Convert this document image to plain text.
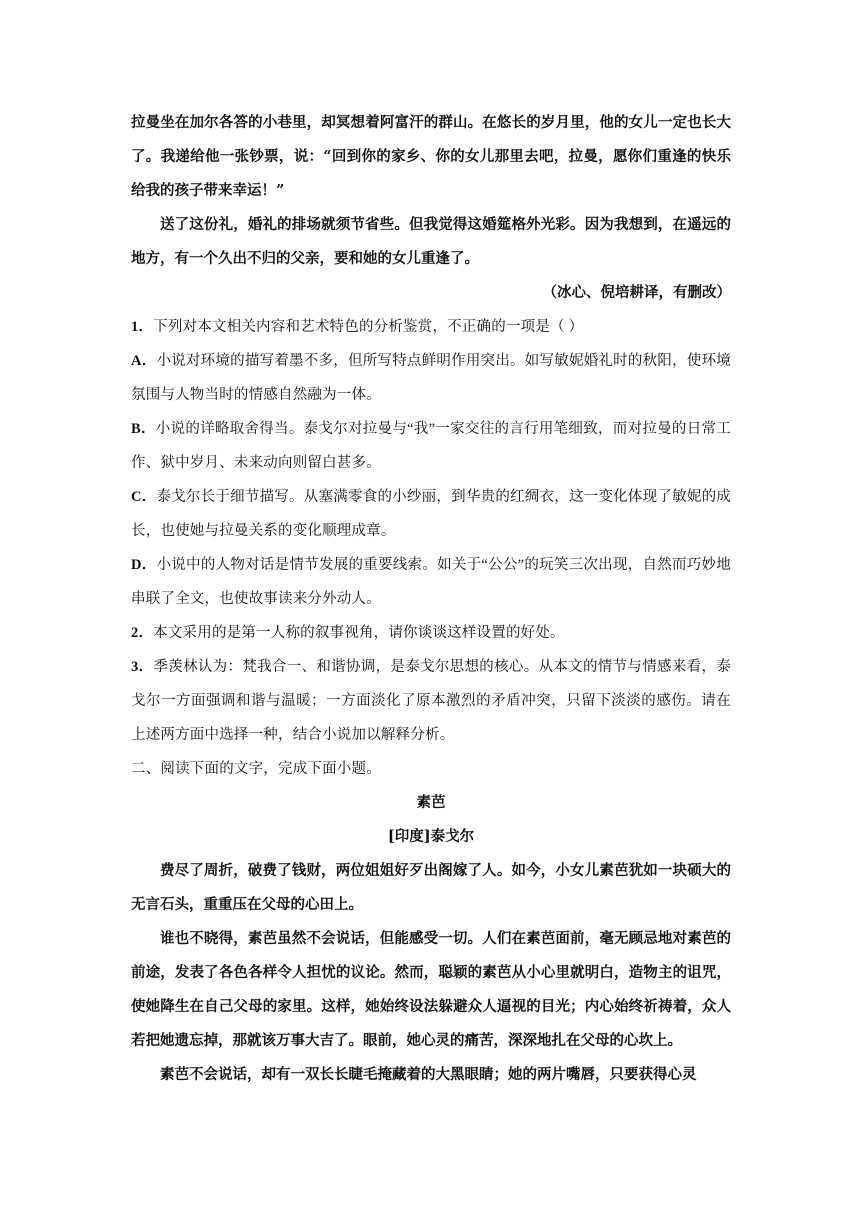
拉曼坐在加尔各答的小巷里，却冥想着阿富汗的群山。在悠长的岁月里，他的女儿一定也长大了。我递给他一张钞票，说：“回到你的家乡、你的女儿那里去吧，拉曼，愿你们重逢的快乐给我的孩子带来幸运！”

送了这份礼，婚礼的排场就须节省些。但我觉得这婚筵格外光彩。因为我想到，在遥远的地方，有一个久出不归的父亲，要和她的女儿重逢了。

（冰心、倪培耕译，有删改）

1．下列对本文相关内容和艺术特色的分析鉴赏，不正确的一项是（ ）

A．小说对环境的描写着墨不多，但所写特点鲜明作用突出。如写敏妮婚礼时的秋阳，使环境氛围与人物当时的情感自然融为一体。

B．小说的详略取舍得当。泰戈尔对拉曼与“我”一家交往的言行用笔细致，而对拉曼的日常工作、狱中岁月、未来动向则留白甚多。

C．泰戈尔长于细节描写。从塞满零食的小纱丽，到华贵的红绸衣，这一变化体现了敏妮的成长，也使她与拉曼关系的变化顺理成章。

D．小说中的人物对话是情节发展的重要线索。如关于“公公”的玩笑三次出现，自然而巧妙地串联了全文，也使故事读来分外动人。

2．本文采用的是第一人称的叙事视角，请你谈谈这样设置的好处。

3．季羡林认为：梵我合一、和谐协调，是泰戈尔思想的核心。从本文的情节与情感来看，泰戈尔一方面强调和谐与温暖；一方面淡化了原本激烈的矛盾冲突，只留下淡淡的感伤。请在上述两方面中选择一种，结合小说加以解释分析。

二、阅读下面的文字，完成下面小题。

素芭

[印度]泰戈尔

费尽了周折，破费了钱财，两位姐姐好歹出阁嫁了人。如今，小女儿素芭犹如一块硕大的无言石头，重重压在父母的心田上。

谁也不晓得，素芭虽然不会说话，但能感受一切。人们在素芭面前，毫无顾忌地对素芭的前途，发表了各色各样令人担忧的议论。然而，聪颖的素芭从小心里就明白，造物主的诅咒，使她降生在自己父母的家里。这样，她始终设法躲避众人逼视的目光；内心始终祈祷着，众人若把她遗忘掉，那就该万事大吉了。眼前，她心灵的痛苦，深深地扎在父母的心坎上。

素芭不会说话，却有一双长长睫毛掩藏着的大黑眼睛；她的两片嘴唇，只要获得心灵
